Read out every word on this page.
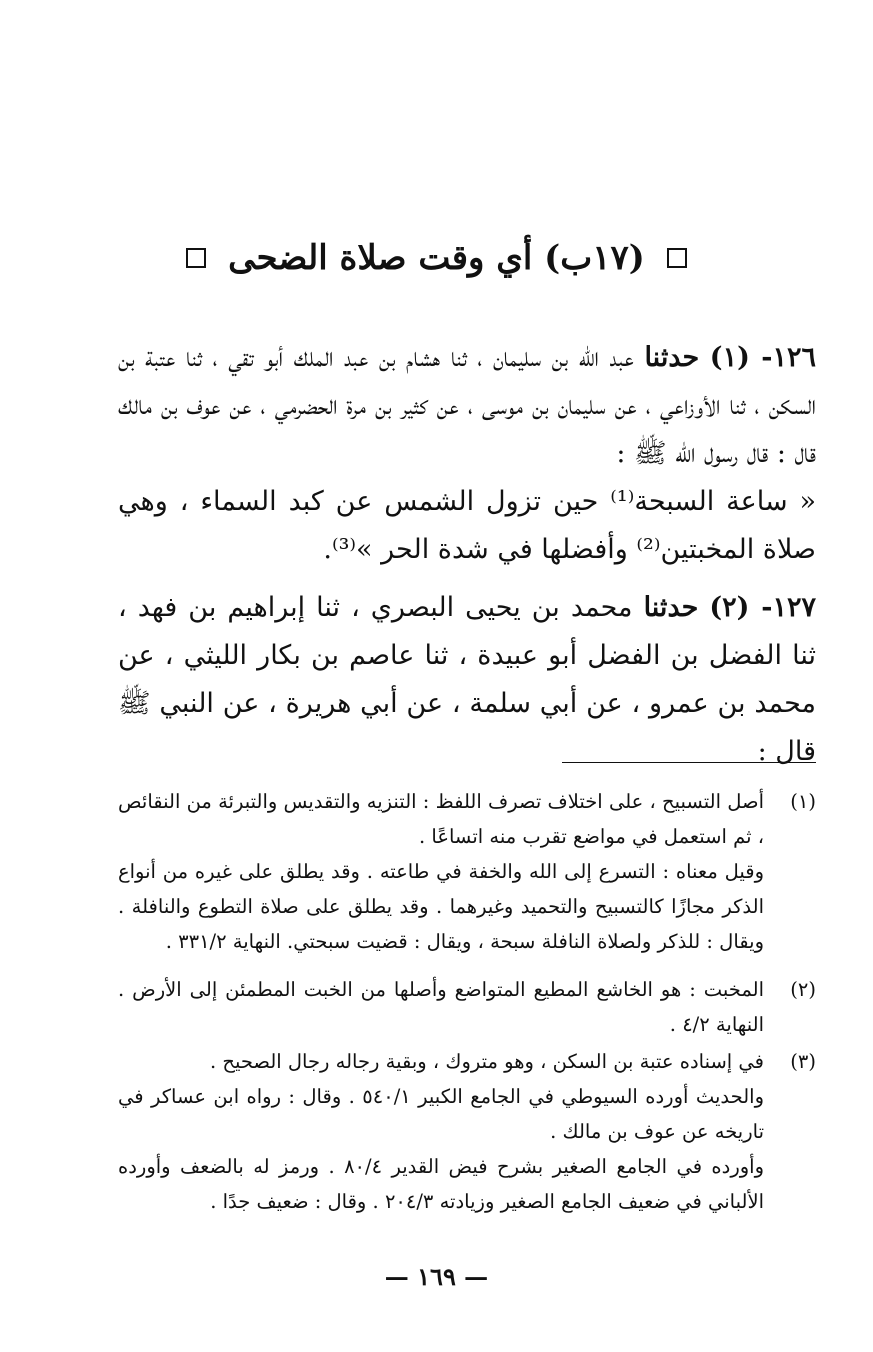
(١٧ب) أي وقت صلاة الضحى

١٢٦- (١) حدثنا عبد الله بن سليمان ، ثنا هشام بن عبد الملك أبو تقي ، ثنا عتبة بن السكن ، ثنا الأوزاعي ، عن سليمان بن موسى ، عن كثير بن مرة الحضرمي ، عن عوف بن مالك قال : قال رسول الله ﷺ :

« ساعة السبحة⁽¹⁾ حين تزول الشمس عن كبد السماء ، وهي صلاة المخبتين⁽²⁾ وأفضلها في شدة الحر »⁽³⁾.

١٢٧- (٢) حدثنا محمد بن يحيى البصري ، ثنا إبراهيم بن فهد ، ثنا الفضل بن الفضل أبو عبيدة ، ثنا عاصم بن بكار الليثي ، عن محمد بن عمرو ، عن أبي سلمة ، عن أبي هريرة ، عن النبي ﷺ قال :

(١)
أصل التسبيح ، على اختلاف تصرف اللفظ : التنزيه والتقديس والتبرئة من النقائص ، ثم استعمل في مواضع تقرب منه اتساعًا .
وقيل معناه : التسرع إلى الله والخفة في طاعته . وقد يطلق على غيره من أنواع الذكر مجازًا كالتسبيح والتحميد وغيرهما . وقد يطلق على صلاة التطوع والنافلة . ويقال : للذكر ولصلاة النافلة سبحة ، ويقال : قضيت سبحتي. النهاية ٣٣١/٢ .
(٢)
المخبت : هو الخاشع المطيع المتواضع وأصلها من الخبت المطمئن إلى الأرض . النهاية ٤/٢ .
(٣)
في إسناده عتبة بن السكن ، وهو متروك ، وبقية رجاله رجال الصحيح .
والحديث أورده السيوطي في الجامع الكبير ٥٤٠/١ . وقال : رواه ابن عساكر في تاريخه عن عوف بن مالك .
وأورده في الجامع الصغير بشرح فيض القدير ٨٠/٤ . ورمز له بالضعف وأورده الألباني في ضعيف الجامع الصغير وزيادته ٢٠٤/٣ . وقال : ضعيف جدًا .
— ١٦٩ —
